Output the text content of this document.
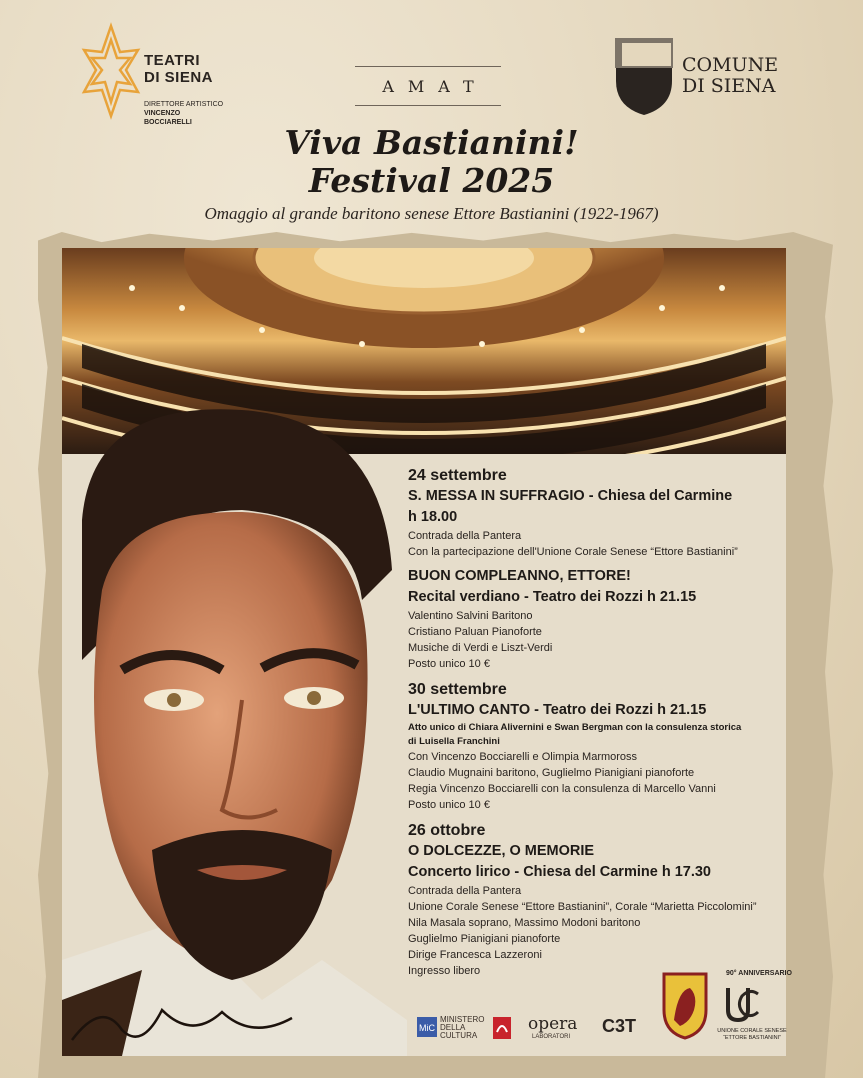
TEATRI
DI SIENA
DIRETTORE ARTISTICO
VINCENZO
BOCCIARELLI
AMAT
COMUNE
DI SIENA
Viva Bastianini!
Festival 2025
Omaggio al grande baritono senese Ettore Bastianini (1922-1967)
24 settembre
S. MESSA IN SUFFRAGIO - Chiesa del Carmine
h 18.00
Contrada della Pantera
Con la partecipazione dell'Unione Corale Senese “Ettore Bastianini”
BUON COMPLEANNO, ETTORE!
Recital verdiano - Teatro dei Rozzi h 21.15
Valentino Salvini Baritono
Cristiano Paluan Pianoforte
Musiche di Verdi e Liszt-Verdi
Posto unico 10 €
30 settembre
L'ULTIMO CANTO - Teatro dei Rozzi h 21.15
Atto unico di Chiara Alivernini e Swan Bergman con la consulenza storica
di Luisella Franchini
Con Vincenzo Bocciarelli e Olimpia Marmoross
Claudio Mugnaini baritono, Guglielmo Pianigiani pianoforte
Regia Vincenzo Bocciarelli con la consulenza di Marcello Vanni
Posto unico 10 €
26 ottobre
O DOLCEZZE, O MEMORIE
Concerto lirico - Chiesa del Carmine h 17.30
Contrada della Pantera
Unione Corale Senese “Ettore Bastianini”, Corale “Marietta Piccolomini”
Nila Masala soprano, Massimo Modoni baritono
Guglielmo Pianigiani pianoforte
Dirige Francesca Lazzeroni
Ingresso libero
MiC
MINISTERO DELLA CULTURA
opera
LABORATORI
C3T
90° ANNIVERSARIO
UNIONE CORALE SENESE “ETTORE BASTIANINI”
